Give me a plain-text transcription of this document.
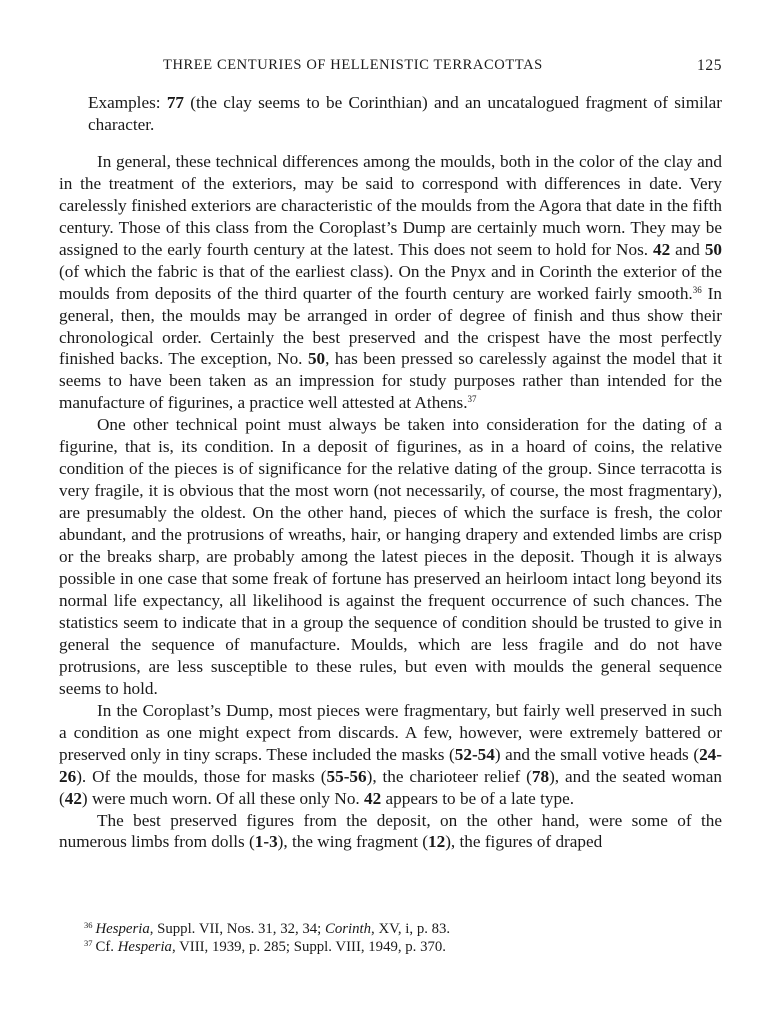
THREE CENTURIES OF HELLENISTIC TERRACOTTAS	125

Examples: 77 (the clay seems to be Corinthian) and an uncatalogued fragment of similar character.

In general, these technical differences among the moulds, both in the color of the clay and in the treatment of the exteriors, may be said to correspond with differences in date. Very carelessly finished exteriors are characteristic of the moulds from the Agora that date in the fifth century. Those of this class from the Coroplast’s Dump are certainly much worn. They may be assigned to the early fourth century at the latest. This does not seem to hold for Nos. 42 and 50 (of which the fabric is that of the earliest class). On the Pnyx and in Corinth the exterior of the moulds from deposits of the third quarter of the fourth century are worked fairly smooth.$^{36}$ In general, then, the moulds may be arranged in order of degree of finish and thus show their chronological order. Certainly the best preserved and the crispest have the most perfectly finished backs. The exception, No. 50, has been pressed so carelessly against the model that it seems to have been taken as an impression for study purposes rather than intended for the manufacture of figurines, a practice well attested at Athens.$^{37}$

One other technical point must always be taken into consideration for the dating of a figurine, that is, its condition. In a deposit of figurines, as in a hoard of coins, the relative condition of the pieces is of significance for the relative dating of the group. Since terracotta is very fragile, it is obvious that the most worn (not necessarily, of course, the most fragmentary), are presumably the oldest. On the other hand, pieces of which the surface is fresh, the color abundant, and the protrusions of wreaths, hair, or hanging drapery and extended limbs are crisp or the breaks sharp, are probably among the latest pieces in the deposit. Though it is always possible in one case that some freak of fortune has preserved an heirloom intact long beyond its normal life expectancy, all likelihood is against the frequent occurrence of such chances. The statistics seem to indicate that in a group the sequence of condition should be trusted to give in general the sequence of manufacture. Moulds, which are less fragile and do not have protrusions, are less susceptible to these rules, but even with moulds the general sequence seems to hold.

In the Coroplast’s Dump, most pieces were fragmentary, but fairly well preserved in such a condition as one might expect from discards. A few, however, were extremely battered or preserved only in tiny scraps. These included the masks (52-54) and the small votive heads (24-26). Of the moulds, those for masks (55-56), the charioteer relief (78), and the seated woman (42) were much worn. Of all these only No. 42 appears to be of a late type.

The best preserved figures from the deposit, on the other hand, were some of the numerous limbs from dolls (1-3), the wing fragment (12), the figures of draped

$^{36}$ Hesperia, Suppl. VII, Nos. 31, 32, 34; Corinth, XV, i, p. 83.

$^{37}$ Cf. Hesperia, VIII, 1939, p. 285; Suppl. VIII, 1949, p. 370.
